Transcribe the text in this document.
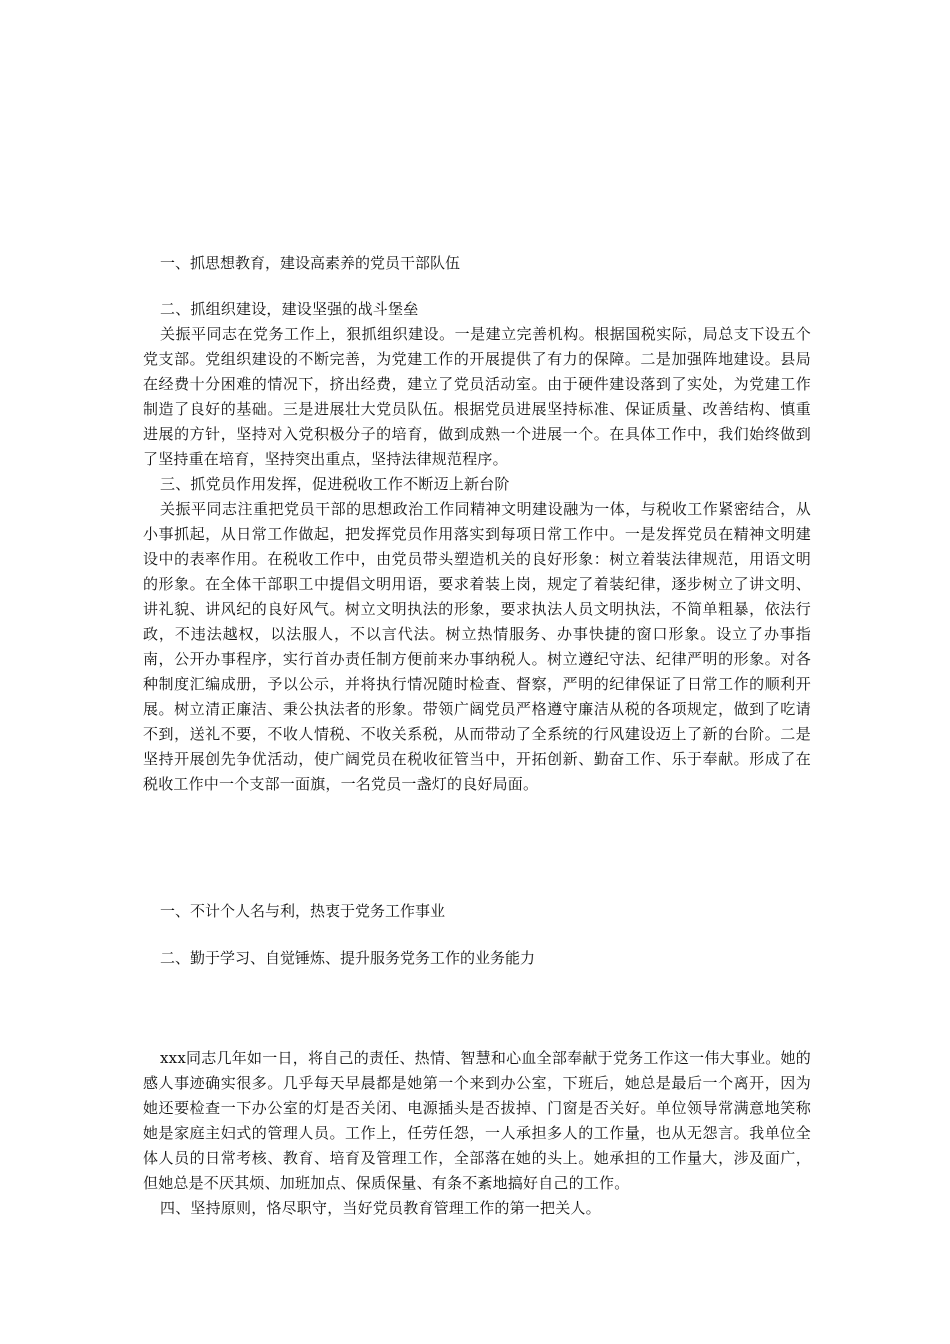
一、抓思想教育，建设高素养的党员干部队伍

二、抓组织建设，建设坚强的战斗堡垒

关振平同志在党务工作上，狠抓组织建设。一是建立完善机构。根据国税实际，局总支下设五个党支部。党组织建设的不断完善，为党建工作的开展提供了有力的保障。二是加强阵地建设。县局在经费十分困难的情况下，挤出经费，建立了党员活动室。由于硬件建设落到了实处，为党建工作制造了良好的基础。三是进展壮大党员队伍。根据党员进展坚持标准、保证质量、改善结构、慎重进展的方针，坚持对入党积极分子的培育，做到成熟一个进展一个。在具体工作中，我们始终做到了坚持重在培育，坚持突出重点，坚持法律规范程序。

三、抓党员作用发挥，促进税收工作不断迈上新台阶

关振平同志注重把党员干部的思想政治工作同精神文明建设融为一体，与税收工作紧密结合，从小事抓起，从日常工作做起，把发挥党员作用落实到每项日常工作中。一是发挥党员在精神文明建设中的表率作用。在税收工作中，由党员带头塑造机关的良好形象：树立着装法律规范，用语文明的形象。在全体干部职工中提倡文明用语，要求着装上岗，规定了着装纪律，逐步树立了讲文明、讲礼貌、讲风纪的良好风气。树立文明执法的形象，要求执法人员文明执法，不简单粗暴，依法行政，不违法越权，以法服人，不以言代法。树立热情服务、办事快捷的窗口形象。设立了办事指南，公开办事程序，实行首办责任制方便前来办事纳税人。树立遵纪守法、纪律严明的形象。对各种制度汇编成册，予以公示，并将执行情况随时检查、督察，严明的纪律保证了日常工作的顺利开展。树立清正廉洁、秉公执法者的形象。带领广阔党员严格遵守廉洁从税的各项规定，做到了吃请不到，送礼不要，不收人情税、不收关系税，从而带动了全系统的行风建设迈上了新的台阶。二是坚持开展创先争优活动，使广阔党员在税收征管当中，开拓创新、勤奋工作、乐于奉献。形成了在税收工作中一个支部一面旗，一名党员一盏灯的良好局面。

一、不计个人名与利，热衷于党务工作事业
二、勤于学习、自觉锤炼、提升服务党务工作的业务能力

xxx同志几年如一日，将自己的责任、热情、智慧和心血全部奉献于党务工作这一伟大事业。她的感人事迹确实很多。几乎每天早晨都是她第一个来到办公室，下班后，她总是最后一个离开，因为她还要检查一下办公室的灯是否关闭、电源插头是否拔掉、门窗是否关好。单位领导常满意地笑称她是家庭主妇式的管理人员。工作上，任劳任怨，一人承担多人的工作量，也从无怨言。我单位全体人员的日常考核、教育、培育及管理工作，全部落在她的头上。她承担的工作量大，涉及面广，但她总是不厌其烦、加班加点、保质保量、有条不紊地搞好自己的工作。

四、坚持原则，恪尽职守，当好党员教育管理工作的第一把关人。
